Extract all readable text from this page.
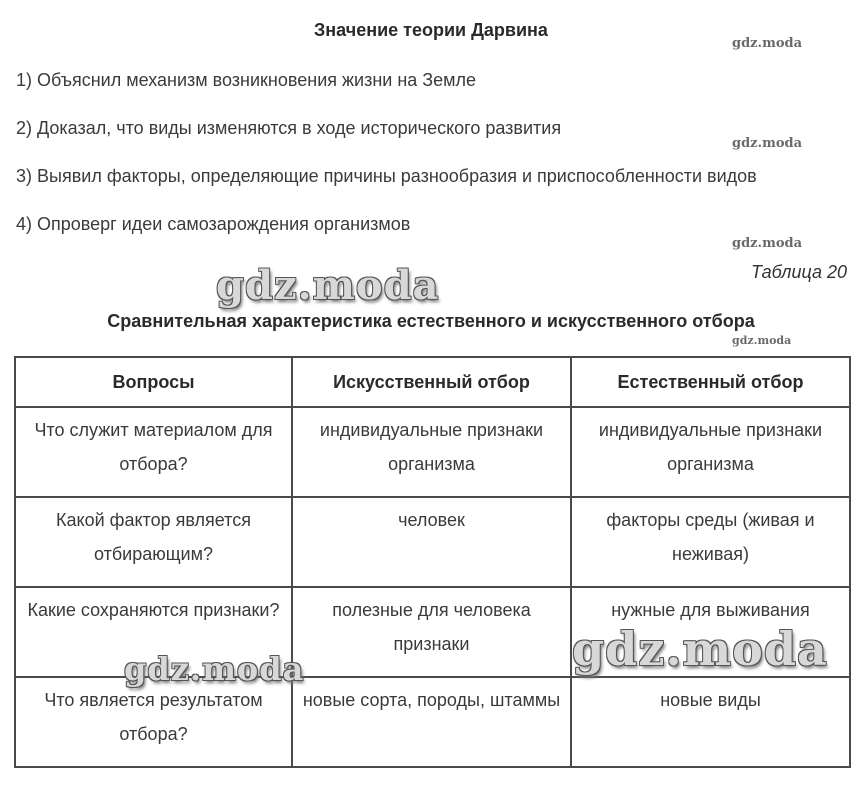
Значение теории Дарвина
1) Объяснил механизм возникновения жизни на Земле
2) Доказал, что виды изменяются в ходе исторического развития
3) Выявил факторы, определяющие причины разнообразия и приспособленности видов
4) Опроверг идеи самозарождения организмов
Таблица 20
Сравнительная характеристика естественного и искусственного отбора
Вопросы	Искусственный отбор	Естественный отбор
Что служит материалом для отбора?	индивидуальные признаки организма	индивидуальные признаки организма
Какой фактор является отбирающим?	человек	факторы среды (живая и неживая)
Какие сохраняются признаки?	полезные для человека признаки	нужные для выживания
Что является результатом отбора?	новые сорта, породы, штаммы	новые виды
gdz.moda
gdz.moda
gdz.moda
gdz.moda
gdz.moda
gdz.moda
gdz.moda
